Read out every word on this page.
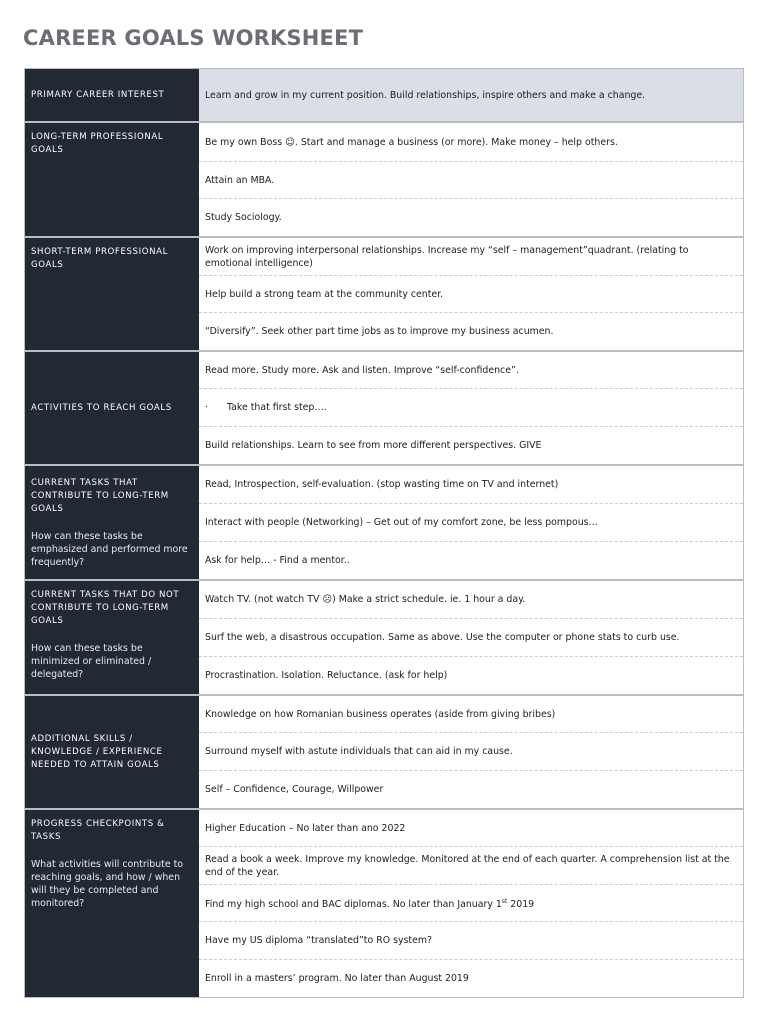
CAREER GOALS WORKSHEET
PRIMARY CAREER INTEREST	Learn and grow in my current position. Build relationships, inspire others and make a change.
LONG-TERM PROFESSIONAL GOALS
Be my own Boss ☺. Start and manage a business (or more). Make money – help others.
Attain an MBA.
Study Sociology.
SHORT-TERM PROFESSIONAL GOALS
Work on improving interpersonal relationships. Increase my “self – management”quadrant. (relating to emotional intelligence)
Help build a strong team at the community center.
“Diversify”. Seek other part time jobs as to improve my business acumen.
ACTIVITIES TO REACH GOALS
Read more. Study more. Ask and listen. Improve “self-confidence”.
·	Take that first step….
Build relationships. Learn to see from more different perspectives. GIVE
CURRENT TASKS THAT CONTRIBUTE TO LONG-TERM GOALS
How can these tasks be emphasized and performed more frequently?
Read, Introspection, self-evaluation. (stop wasting time on TV and internet)
Interact with people (Networking) – Get out of my comfort zone, be less pompous…
Ask for help… - Find a mentor..
CURRENT TASKS THAT DO NOT CONTRIBUTE TO LONG-TERM GOALS
How can these tasks be minimized or eliminated / delegated?
Watch TV. (not watch TV ☹) Make a strict schedule. ie. 1 hour a day.
Surf the web, a disastrous occupation. Same as above. Use the computer or phone stats to curb use.
Procrastination. Isolation. Reluctance. (ask for help)
ADDITIONAL SKILLS / KNOWLEDGE / EXPERIENCE NEEDED TO ATTAIN GOALS
Knowledge on how Romanian business operates (aside from giving bribes)
Surround myself with astute individuals that can aid in my cause.
Self – Confidence, Courage, Willpower
PROGRESS CHECKPOINTS & TASKS
What activities will contribute to reaching goals, and how / when will they be completed and monitored?
Higher Education – No later than ano 2022
Read a book a week. Improve my knowledge. Monitored at the end of each quarter. A comprehension list at the end of the year.
Find my high school and BAC diplomas. No later than January 1st 2019
Have my US diploma “translated”to RO system?
Enroll in a masters’ program. No later than August 2019
